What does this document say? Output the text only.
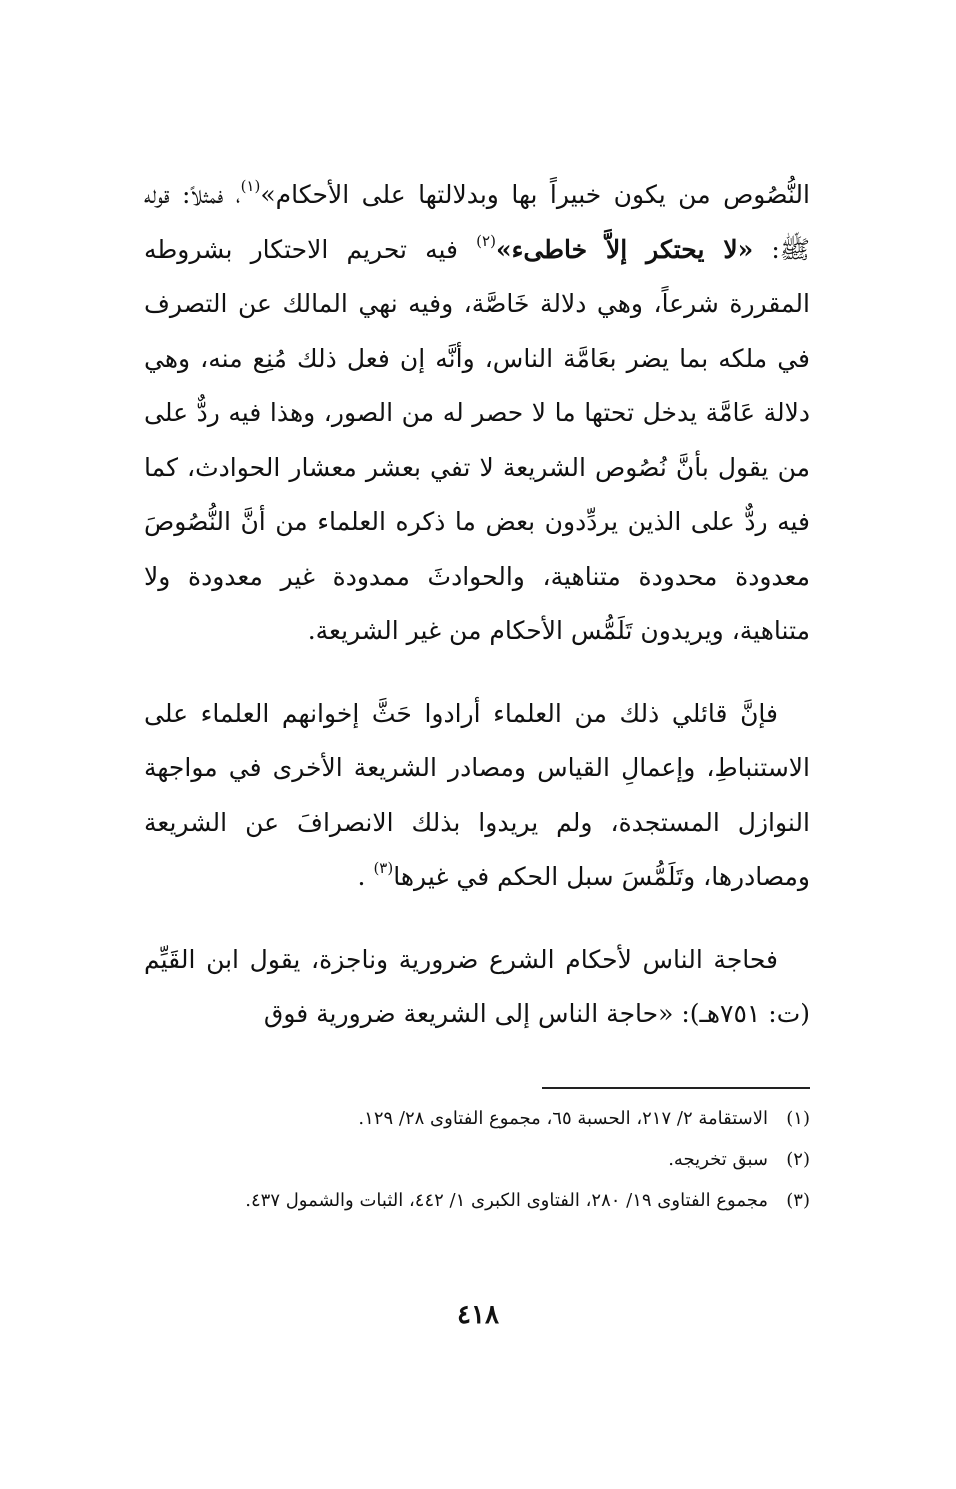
النُّصُوص من يكون خبيراً بها وبدلالتها على الأحكام»$^{(١)}$، فمثلاً: قوله ﷺ: «لا يحتكر إلاَّ خاطىء»$^{(٢)}$ فيه تحريم الاحتكار بشروطه المقررة شرعاً، وهي دلالة خَاصَّة، وفيه نهي المالك عن التصرف في ملكه بما يضر بعَامَّة الناس، وأنَّه إن فعل ذلك مُنِع منه، وهي دلالة عَامَّة يدخل تحتها ما لا حصر له من الصور، وهذا فيه ردٌّ على من يقول بأنَّ نُصُوص الشريعة لا تفي بعشر معشار الحوادث، كما فيه ردٌّ على الذين يردِّدون بعض ما ذكره العلماء من أنَّ النُّصُوصَ معدودة محدودة متناهية، والحوادثَ ممدودة غير معدودة ولا متناهية، ويريدون تَلَمُّس الأحكام من غير الشريعة.

فإنَّ قائلي ذلك من العلماء أرادوا حَثَّ إخوانهم العلماء على الاستنباطِ، وإعمالِ القياس ومصادر الشريعة الأخرى في مواجهة النوازل المستجدة، ولم يريدوا بذلك الانصرافَ عن الشريعة ومصادرها، وتَلَمُّسَ سبل الحكم في غيرها$^{(٣)}$ .

فحاجة الناس لأحكام الشرع ضرورية وناجزة، يقول ابن القَيِّم (ت: ٧٥١هـ): «حاجة الناس إلى الشريعة ضرورية فوق

(١)
الاستقامة ٢/ ٢١٧، الحسبة ٦٥، مجموع الفتاوى ٢٨/ ١٢٩.
(٢)
سبق تخريجه.
(٣)
مجموع الفتاوى ١٩/ ٢٨٠، الفتاوى الكبرى ١/ ٤٤٢، الثبات والشمول ٤٣٧.
٤١٨
